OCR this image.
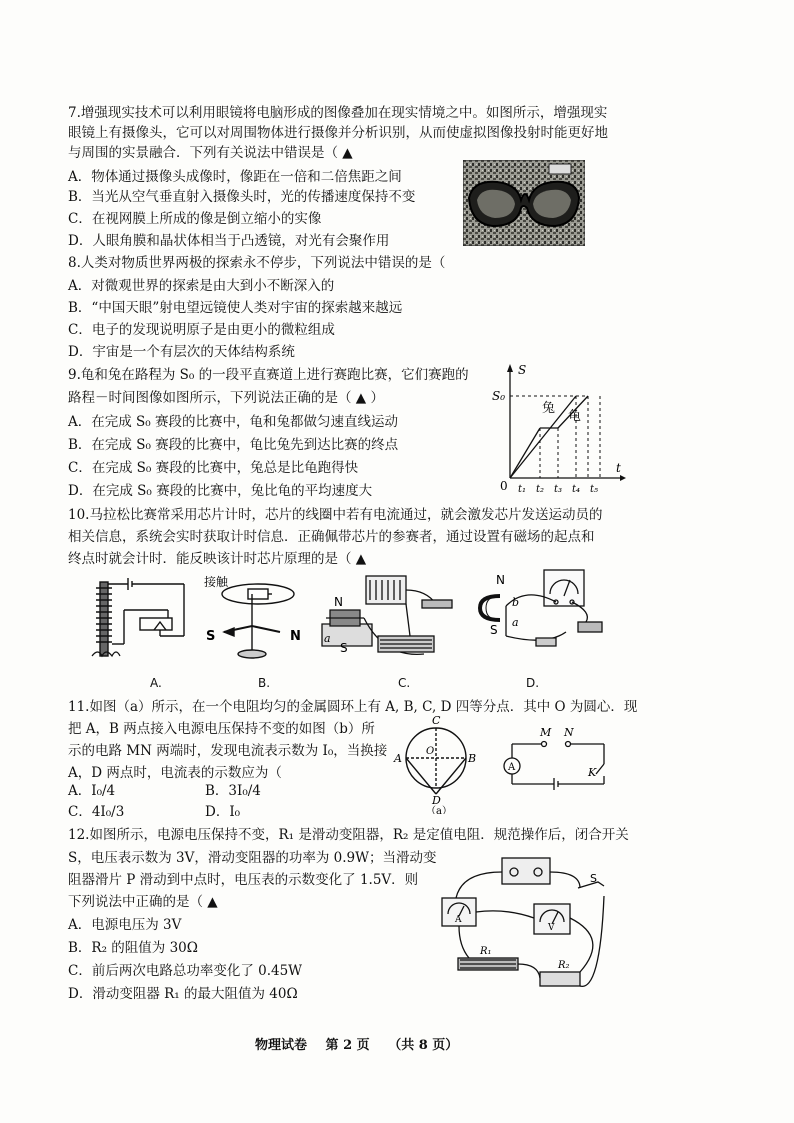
7.增强现实技术可以利用眼镜将电脑形成的图像叠加在现实情境之中。如图所示，增强现实
眼镜上有摄像头，它可以对周围物体进行摄像并分析识别，从而使虚拟图像投射时能更好地
与周围的实景融合．下列有关说法中错误是（ ▲
A．物体通过摄像头成像时，像距在一倍和二倍焦距之间
B．当光从空气垂直射入摄像头时，光的传播速度保持不变
C．在视网膜上所成的像是倒立缩小的实像
D．人眼角膜和晶状体相当于凸透镜，对光有会聚作用
8.人类对物质世界两极的探索永不停步，下列说法中错误的是（
A．对微观世界的探索是由大到小不断深入的
B．“中国天眼”射电望远镜使人类对宇宙的探索越来越远
C．电子的发现说明原子是由更小的微粒组成
D．宇宙是一个有层次的天体结构系统
9.龟和兔在路程为 S₀ 的一段平直赛道上进行赛跑比赛，它们赛跑的
路程－时间图像如图所示，下列说法正确的是（ ▲ ）
A．在完成 S₀ 赛段的比赛中，龟和兔都做匀速直线运动
B．在完成 S₀ 赛段的比赛中，龟比兔先到达比赛的终点
C．在完成 S₀ 赛段的比赛中，兔总是比龟跑得快
D．在完成 S₀ 赛段的比赛中，兔比龟的平均速度大
S
S₀
t
0 t₁ t₂ t₃ t₄ t₅
兔
龟
10.马拉松比赛常采用芯片计时，芯片的线圈中若有电流通过，就会激发芯片发送运动员的
相关信息，系统会实时获取计时信息．正确佩带芯片的参赛者，通过设置有磁场的起点和
终点时就会计时．能反映该计时芯片原理的是（ ▲
A.
接触
S	N
B.
N
S
a
C.
N
S
a
b
D.
11.如图（a）所示，在一个电阻均匀的金属圆环上有 A, B, C, D 四等分点．其中 O 为圆心．现
把 A，B 两点接入电源电压保持不变的如图（b）所
示的电路 MN 两端时，发现电流表示数为 I₀，当换接
A，D 两点时，电流表的示数应为（
A．I₀/4	B．3I₀/4
C．4I₀/3	D．I₀
C
A	B
D
O
（a）
A
M N
K
12.如图所示，电源电压保持不变，R₁ 是滑动变阻器，R₂ 是定值电阻．规范操作后，闭合开关
S，电压表示数为 3V，滑动变阻器的功率为 0.9W；当滑动变
阻器滑片 P 滑动到中点时，电压表的示数变化了 1.5V．则
下列说法中正确的是（ ▲
A．电源电压为 3V
B．R₂ 的阻值为 30Ω
C．前后两次电路总功率变化了 0.45W
D．滑动变阻器 R₁ 的最大阻值为 40Ω
S
R₁
R₂
A
V
物理试卷 第 2 页 （共 8 页）
